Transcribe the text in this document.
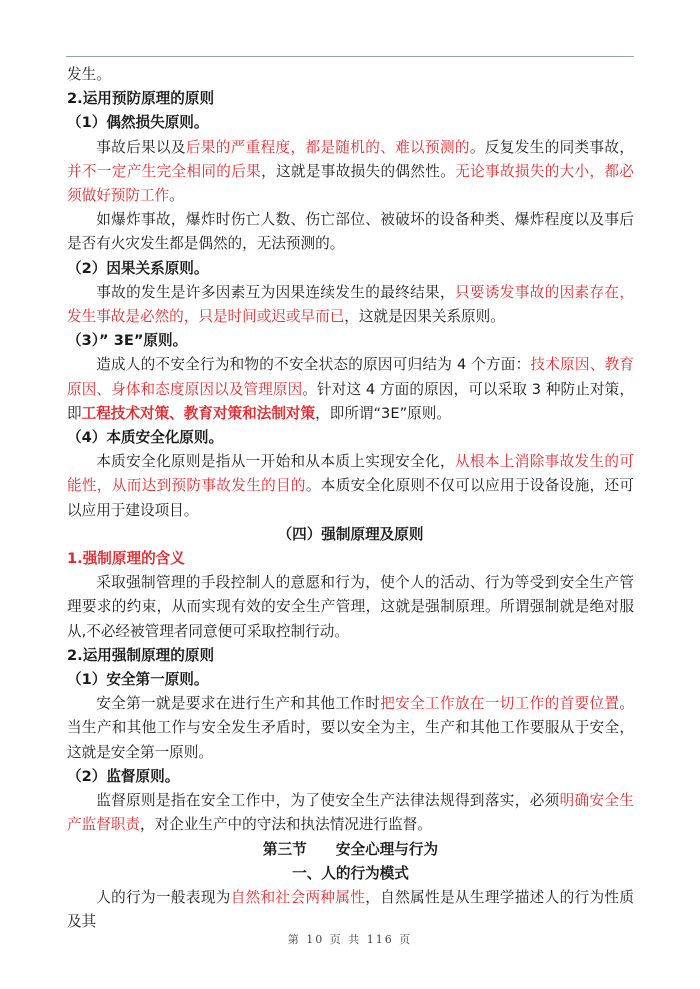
发生。

2.运用预防原理的原则

（1）偶然损失原则。

事故后果以及后果的严重程度，都是随机的、难以预测的。反复发生的同类事故，并不一定产生完全相同的后果，这就是事故损失的偶然性。无论事故损失的大小，都必须做好预防工作。

如爆炸事故，爆炸时伤亡人数、伤亡部位、被破坏的设备种类、爆炸程度以及事后是否有火灾发生都是偶然的，无法预测的。

（2）因果关系原则。

事故的发生是许多因素互为因果连续发生的最终结果，只要诱发事故的因素存在，发生事故是必然的，只是时间或迟或早而已，这就是因果关系原则。

（3）” 3E”原则。

造成人的不安全行为和物的不安全状态的原因可归结为 4 个方面：技术原因、教育原因、身体和态度原因以及管理原因。针对这 4 方面的原因，可以采取 3 种防止对策，即工程技术对策、教育对策和法制对策，即所谓“3E”原则。

（4）本质安全化原则。

本质安全化原则是指从一开始和从本质上实现安全化，从根本上消除事故发生的可能性，从而达到预防事故发生的目的。本质安全化原则不仅可以应用于设备设施，还可以应用于建设项目。

（四）强制原理及原则

1.强制原理的含义

采取强制管理的手段控制人的意愿和行为，使个人的活动、行为等受到安全生产管理要求的约束，从而实现有效的安全生产管理，这就是强制原理。所谓强制就是绝对服从,不必经被管理者同意便可采取控制行动。

2.运用强制原理的原则

（1）安全第一原则。

安全第一就是要求在进行生产和其他工作时把安全工作放在一切工作的首要位置。当生产和其他工作与安全发生矛盾时，要以安全为主，生产和其他工作要服从于安全，这就是安全第一原则。

（2）监督原则。

监督原则是指在安全工作中，为了使安全生产法律法规得到落实，必须明确安全生产监督职责，对企业生产中的守法和执法情况进行监督。

第三节　　安全心理与行为

一、人的行为模式

人的行为一般表现为自然和社会两种属性，自然属性是从生理学描述人的行为性质及其

第 10 页 共 116 页
